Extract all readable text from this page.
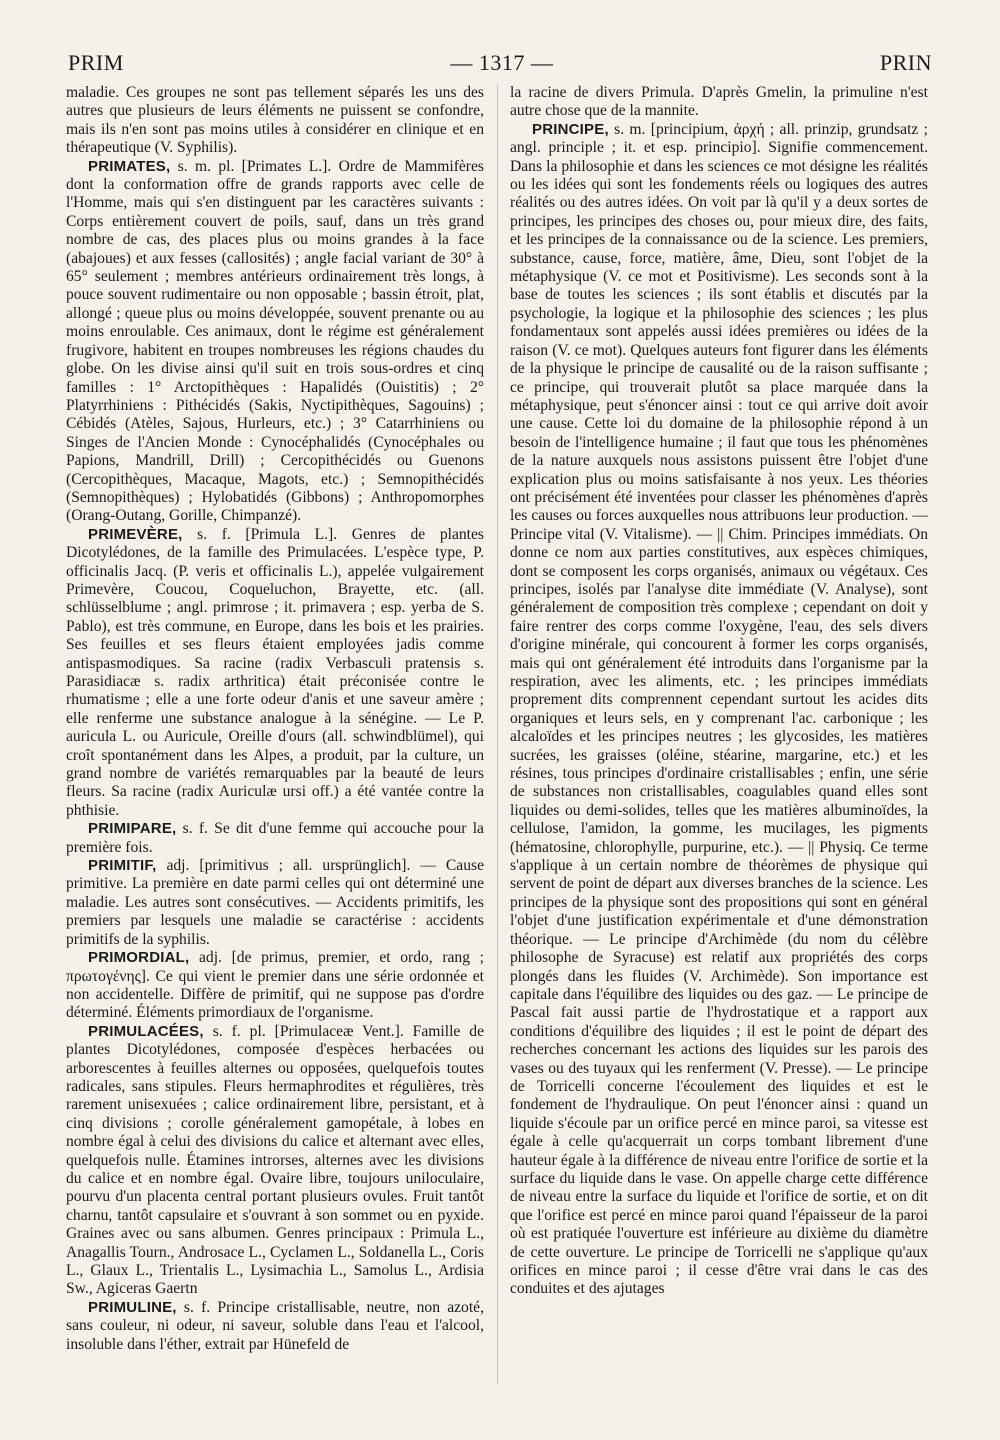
PRIM	— 1317 —	PRIN

maladie. Ces groupes ne sont pas tellement séparés les uns des autres que plusieurs de leurs éléments ne puissent se confondre, mais ils n'en sont pas moins utiles à considérer en clinique et en thérapeutique (V. Syphilis).

PRIMATES, s. m. pl. [Primates L.]. Ordre de Mammifères dont la conformation offre de grands rapports avec celle de l'Homme, mais qui s'en distinguent par les caractères suivants : Corps entièrement couvert de poils, sauf, dans un très grand nombre de cas, des places plus ou moins grandes à la face (abajoues) et aux fesses (callosités) ; angle facial variant de 30° à 65° seulement ; membres antérieurs ordinairement très longs, à pouce souvent rudimentaire ou non opposable ; bassin étroit, plat, allongé ; queue plus ou moins développée, souvent prenante ou au moins enroulable. Ces animaux, dont le régime est généralement frugivore, habitent en troupes nombreuses les régions chaudes du globe. On les divise ainsi qu'il suit en trois sous-ordres et cinq familles : 1° Arctopithèques : Hapalidés (Ouistitis) ; 2° Platyrrhiniens : Pithécidés (Sakis, Nyctipithèques, Sagouins) ; Cébidés (Atèles, Sajous, Hurleurs, etc.) ; 3° Catarrhiniens ou Singes de l'Ancien Monde : Cynocéphalidés (Cynocéphales ou Papions, Mandrill, Drill) ; Cercopithécidés ou Guenons (Cercopithèques, Macaque, Magots, etc.) ; Semnopithécidés (Semnopithèques) ; Hylobatidés (Gibbons) ; Anthropomorphes (Orang-Outang, Gorille, Chimpanzé).

PRIMEVÈRE, s. f. [Primula L.]. Genres de plantes Dicotylédones, de la famille des Primulacées. L'espèce type, P. officinalis Jacq. (P. veris et officinalis L.), appelée vulgairement Primevère, Coucou, Coqueluchon, Brayette, etc. (all. schlüsselblume ; angl. primrose ; it. primavera ; esp. yerba de S. Pablo), est très commune, en Europe, dans les bois et les prairies. Ses feuilles et ses fleurs étaient employées jadis comme antispasmodiques. Sa racine (radix Verbasculi pratensis s. Parasidiacæ s. radix arthritica) était préconisée contre le rhumatisme ; elle a une forte odeur d'anis et une saveur amère ; elle renferme une substance analogue à la sénégine. — Le P. auricula L. ou Auricule, Oreille d'ours (all. schwindblümel), qui croît spontanément dans les Alpes, a produit, par la culture, un grand nombre de variétés remarquables par la beauté de leurs fleurs. Sa racine (radix Auriculæ ursi off.) a été vantée contre la phthisie.

PRIMIPARE, s. f. Se dit d'une femme qui accouche pour la première fois.

PRIMITIF, adj. [primitivus ; all. ursprünglich]. — Cause primitive. La première en date parmi celles qui ont déterminé une maladie. Les autres sont consécutives. — Accidents primitifs, les premiers par lesquels une maladie se caractérise : accidents primitifs de la syphilis.

PRIMORDIAL, adj. [de primus, premier, et ordo, rang ; πρωτογένης]. Ce qui vient le premier dans une série ordonnée et non accidentelle. Diffère de primitif, qui ne suppose pas d'ordre déterminé. Éléments primordiaux de l'organisme.

PRIMULACÉES, s. f. pl. [Primulaceæ Vent.]. Famille de plantes Dicotylédones, composée d'espèces herbacées ou arborescentes à feuilles alternes ou opposées, quelquefois toutes radicales, sans stipules. Fleurs hermaphrodites et régulières, très rarement unisexuées ; calice ordinairement libre, persistant, et à cinq divisions ; corolle généralement gamopétale, à lobes en nombre égal à celui des divisions du calice et alternant avec elles, quelquefois nulle. Étamines introrses, alternes avec les divisions du calice et en nombre égal. Ovaire libre, toujours uniloculaire, pourvu d'un placenta central portant plusieurs ovules. Fruit tantôt charnu, tantôt capsulaire et s'ouvrant à son sommet ou en pyxide. Graines avec ou sans albumen. Genres principaux : Primula L., Anagallis Tourn., Androsace L., Cyclamen L., Soldanella L., Coris L., Glaux L., Trientalis L., Lysimachia L., Samolus L., Ardisia Sw., Agiceras Gaertn

PRIMULINE, s. f. Principe cristallisable, neutre, non azoté, sans couleur, ni odeur, ni saveur, soluble dans l'eau et l'alcool, insoluble dans l'éther, extrait par Hünefeld de

la racine de divers Primula. D'après Gmelin, la primuline n'est autre chose que de la mannite.

PRINCIPE, s. m. [principium, ἀρχή ; all. prinzip, grundsatz ; angl. principle ; it. et esp. principio]. Signifie commencement. Dans la philosophie et dans les sciences ce mot désigne les réalités ou les idées qui sont les fondements réels ou logiques des autres réalités ou des autres idées. On voit par là qu'il y a deux sortes de principes, les principes des choses ou, pour mieux dire, des faits, et les principes de la connaissance ou de la science. Les premiers, substance, cause, force, matière, âme, Dieu, sont l'objet de la métaphysique (V. ce mot et Positivisme). Les seconds sont à la base de toutes les sciences ; ils sont établis et discutés par la psychologie, la logique et la philosophie des sciences ; les plus fondamentaux sont appelés aussi idées premières ou idées de la raison (V. ce mot). Quelques auteurs font figurer dans les éléments de la physique le principe de causalité ou de la raison suffisante ; ce principe, qui trouverait plutôt sa place marquée dans la métaphysique, peut s'énoncer ainsi : tout ce qui arrive doit avoir une cause. Cette loi du domaine de la philosophie répond à un besoin de l'intelligence humaine ; il faut que tous les phénomènes de la nature auxquels nous assistons puissent être l'objet d'une explication plus ou moins satisfaisante à nos yeux. Les théories ont précisément été inventées pour classer les phénomènes d'après les causes ou forces auxquelles nous attribuons leur production. — Principe vital (V. Vitalisme). — || Chim. Principes immédiats. On donne ce nom aux parties constitutives, aux espèces chimiques, dont se composent les corps organisés, animaux ou végétaux. Ces principes, isolés par l'analyse dite immédiate (V. Analyse), sont généralement de composition très complexe ; cependant on doit y faire rentrer des corps comme l'oxygène, l'eau, des sels divers d'origine minérale, qui concourent à former les corps organisés, mais qui ont généralement été introduits dans l'organisme par la respiration, avec les aliments, etc. ; les principes immédiats proprement dits comprennent cependant surtout les acides dits organiques et leurs sels, en y comprenant l'ac. carbonique ; les alcaloïdes et les principes neutres ; les glycosides, les matières sucrées, les graisses (oléine, stéarine, margarine, etc.) et les résines, tous principes d'ordinaire cristallisables ; enfin, une série de substances non cristallisables, coagulables quand elles sont liquides ou demi-solides, telles que les matières albuminoïdes, la cellulose, l'amidon, la gomme, les mucilages, les pigments (hématosine, chlorophylle, purpurine, etc.). — || Physiq. Ce terme s'applique à un certain nombre de théorèmes de physique qui servent de point de départ aux diverses branches de la science. Les principes de la physique sont des propositions qui sont en général l'objet d'une justification expérimentale et d'une démonstration théorique. — Le principe d'Archimède (du nom du célèbre philosophe de Syracuse) est relatif aux propriétés des corps plongés dans les fluides (V. Archimède). Son importance est capitale dans l'équilibre des liquides ou des gaz. — Le principe de Pascal fait aussi partie de l'hydrostatique et a rapport aux conditions d'équilibre des liquides ; il est le point de départ des recherches concernant les actions des liquides sur les parois des vases ou des tuyaux qui les renferment (V. Presse). — Le principe de Torricelli concerne l'écoulement des liquides et est le fondement de l'hydraulique. On peut l'énoncer ainsi : quand un liquide s'écoule par un orifice percé en mince paroi, sa vitesse est égale à celle qu'acquerrait un corps tombant librement d'une hauteur égale à la différence de niveau entre l'orifice de sortie et la surface du liquide dans le vase. On appelle charge cette différence de niveau entre la surface du liquide et l'orifice de sortie, et on dit que l'orifice est percé en mince paroi quand l'épaisseur de la paroi où est pratiquée l'ouverture est inférieure au dixième du diamètre de cette ouverture. Le principe de Torricelli ne s'applique qu'aux orifices en mince paroi ; il cesse d'être vrai dans le cas des conduites et des ajutages
